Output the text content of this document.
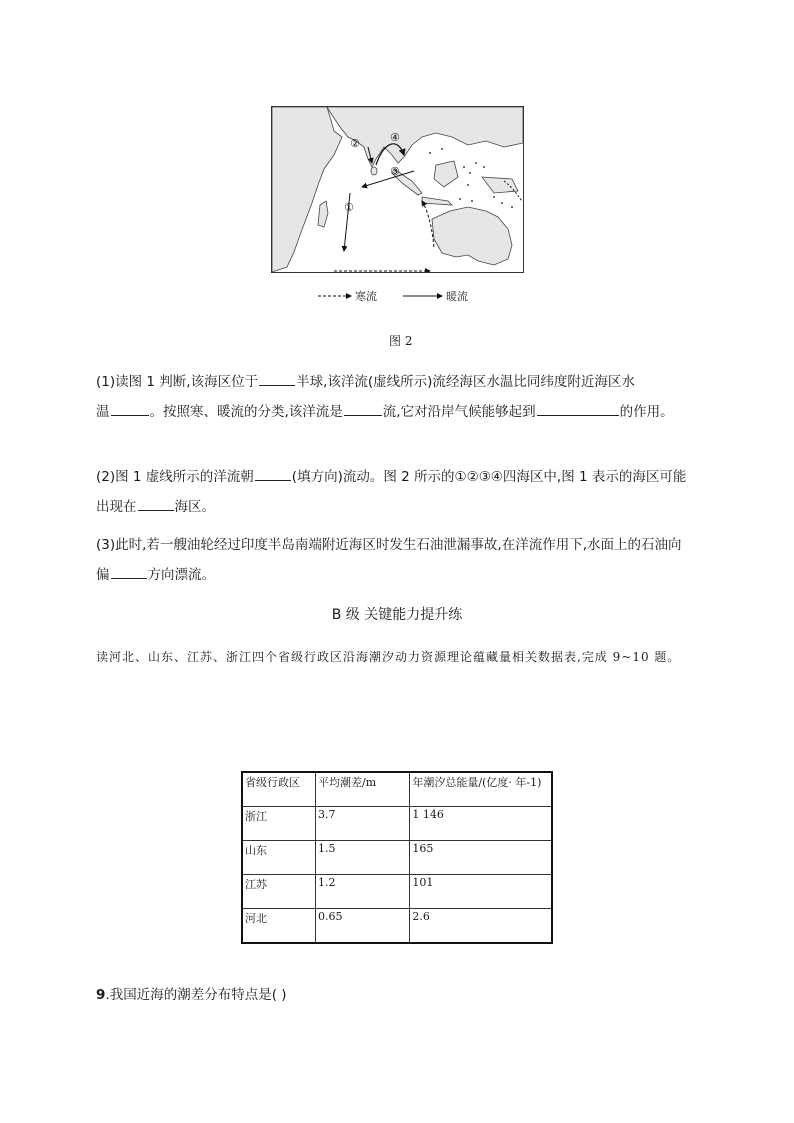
①
②
③
④
寒流	暖流
图 2
(1)读图 1 判断,该海区位于	半球,该洋流(虚线所示)流经海区水温比同纬度附近海区水
温	。按照寒、暖流的分类,该洋流是	流,它对沿岸气候能够起到	的作用。
(2)图 1 虚线所示的洋流朝	(填方向)流动。图 2 所示的①②③④四海区中,图 1 表示的海区可能
出现在	海区。
(3)此时,若一艘油轮经过印度半岛南端附近海区时发生石油泄漏事故,在洋流作用下,水面上的石油向
偏	方向漂流。
B 级 关键能力提升练
读河北、山东、江苏、浙江四个省级行政区沿海潮汐动力资源理论蕴藏量相关数据表,完成 9~10 题。
省级行政区	平均潮差/m	年潮汐总能量/(亿度· 年-1)
浙江	3.7	1 146
山东	1.5	165
江苏	1.2	101
河北	0.65	2.6
9.我国近海的潮差分布特点是( )
